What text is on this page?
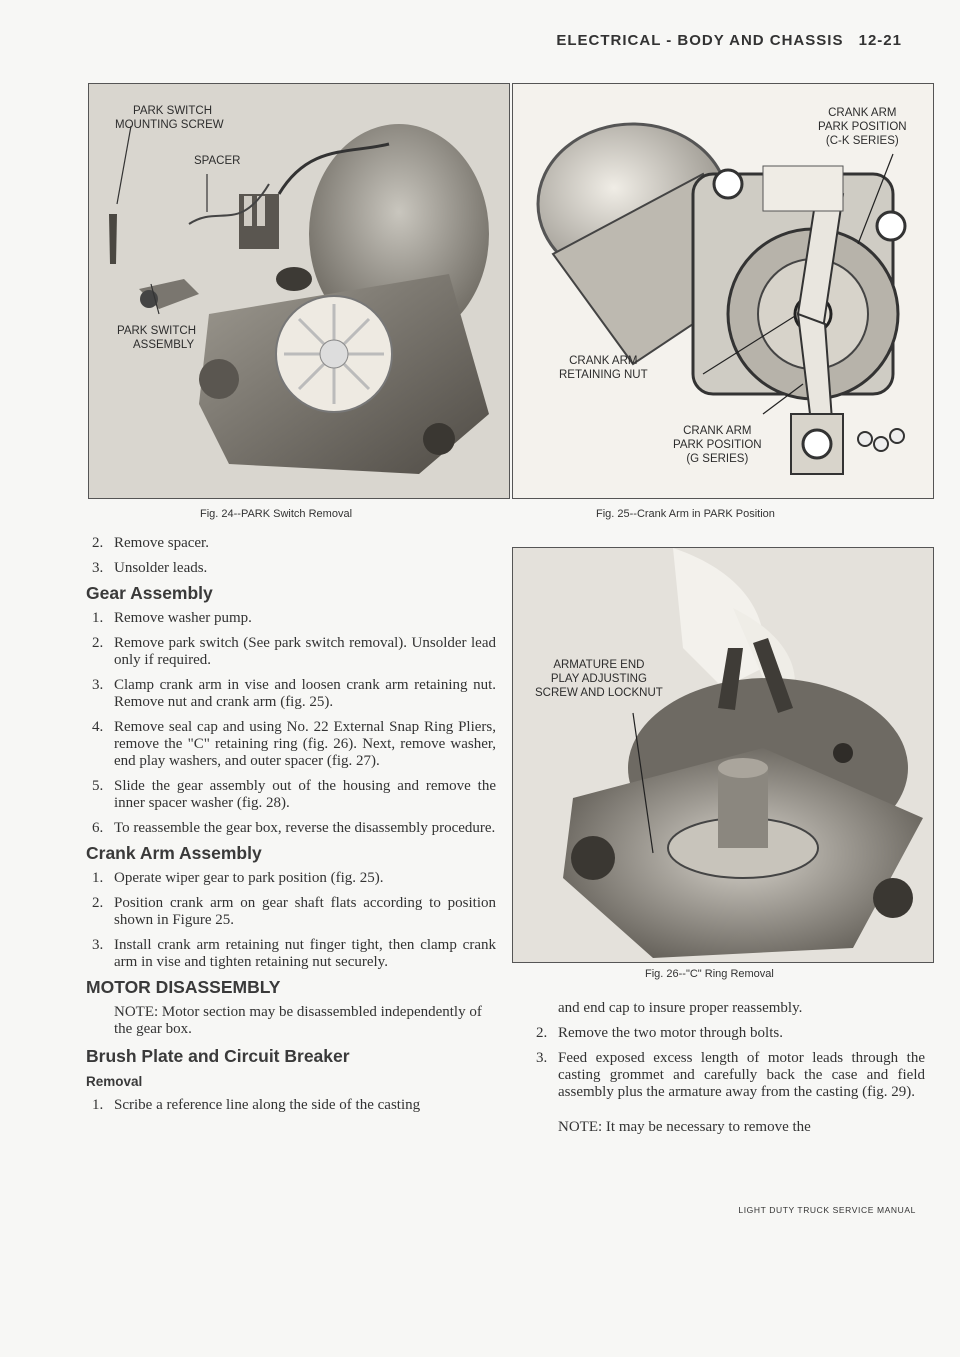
ELECTRICAL - BODY AND CHASSIS 12-21
PARK SWITCH
MOUNTING SCREW
SPACER
PARK SWITCH
ASSEMBLY
Fig. 24--PARK Switch Removal
CRANK ARM
PARK POSITION
(C-K SERIES)
CRANK ARM
RETAINING NUT
CRANK ARM
PARK POSITION
(G SERIES)
Fig. 25--Crank Arm in PARK Position
ARMATURE END
PLAY ADJUSTING
SCREW AND LOCKNUT
Fig. 26--"C" Ring Removal
2. Remove spacer.
3. Unsolder leads.
Gear Assembly
1. Remove washer pump.
2. Remove park switch (See park switch removal). Unsolder lead only if required.
3. Clamp crank arm in vise and loosen crank arm retaining nut. Remove nut and crank arm (fig. 25).
4. Remove seal cap and using No. 22 External Snap Ring Pliers, remove the "C" retaining ring (fig. 26). Next, remove washer, end play washers, and outer spacer (fig. 27).
5. Slide the gear assembly out of the housing and remove the inner spacer washer (fig. 28).
6. To reassemble the gear box, reverse the disassembly procedure.
Crank Arm Assembly
1. Operate wiper gear to park position (fig. 25).
2. Position crank arm on gear shaft flats according to position shown in Figure 25.
3. Install crank arm retaining nut finger tight, then clamp crank arm in vise and tighten retaining nut securely.
MOTOR DISASSEMBLY
NOTE: Motor section may be disassembled independently of the gear box.
Brush Plate and Circuit Breaker
Removal
1. Scribe a reference line along the side of the casting
and end cap to insure proper reassembly.
2. Remove the two motor through bolts.
3. Feed exposed excess length of motor leads through the casting grommet and carefully back the case and field assembly plus the armature away from the casting (fig. 29).
NOTE: It may be necessary to remove the
LIGHT DUTY TRUCK SERVICE MANUAL
